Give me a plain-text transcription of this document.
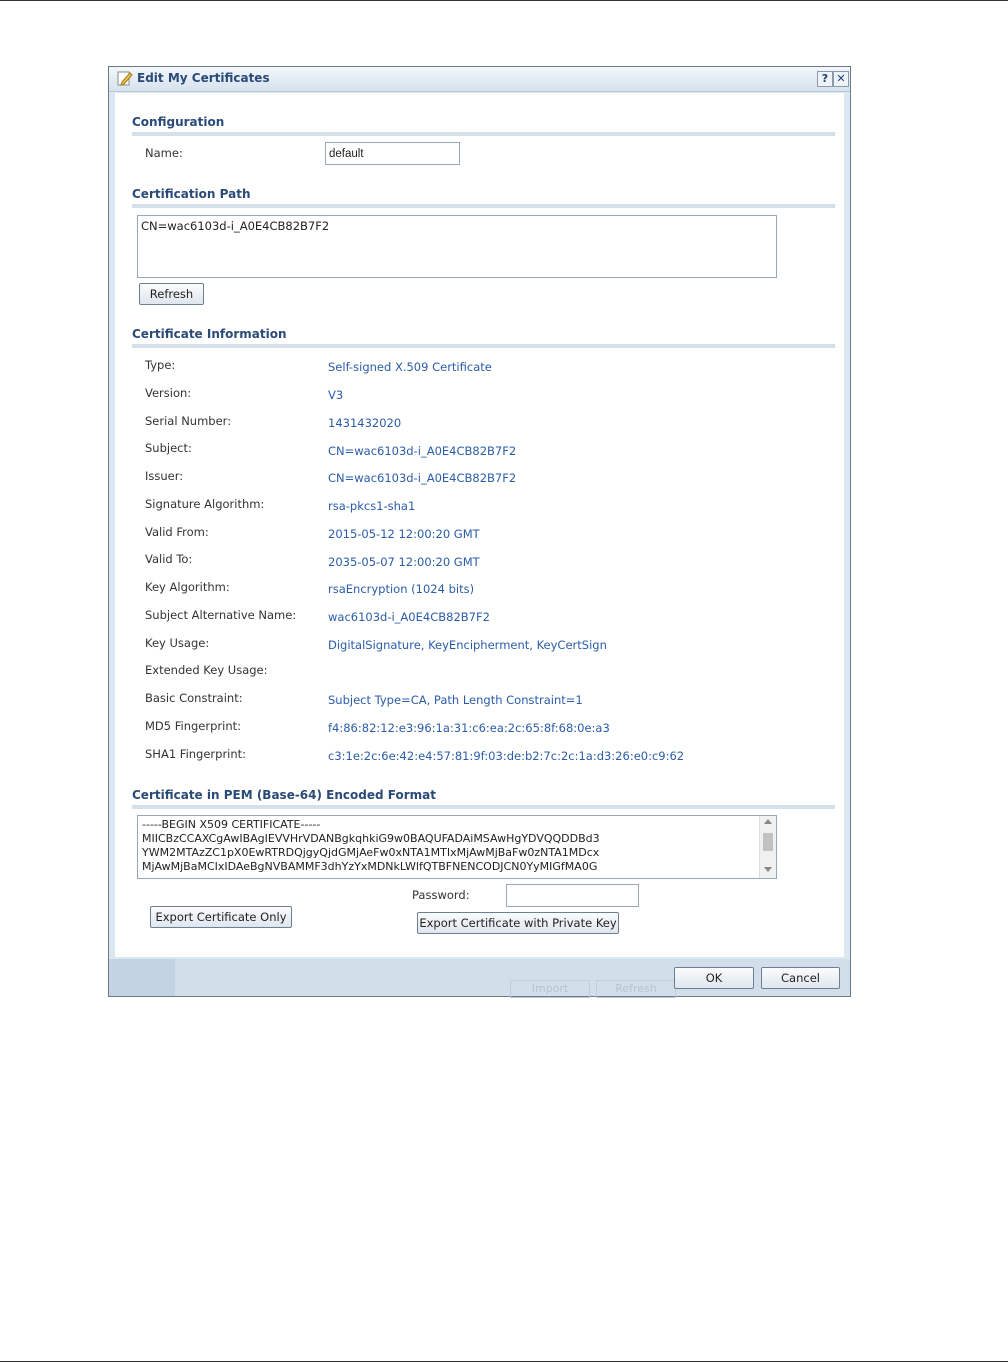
Edit My Certificates	? ✕
Configuration
Name:
default
Certification Path
CN=wac6103d-i_A0E4CB82B7F2
Refresh
Certificate Information
Type:	Self-signed X.509 Certificate
Version:	V3
Serial Number:	1431432020
Subject:	CN=wac6103d-i_A0E4CB82B7F2
Issuer:	CN=wac6103d-i_A0E4CB82B7F2
Signature Algorithm:	rsa-pkcs1-sha1
Valid From:	2015-05-12 12:00:20 GMT
Valid To:	2035-05-07 12:00:20 GMT
Key Algorithm:	rsaEncryption (1024 bits)
Subject Alternative Name:	wac6103d-i_A0E4CB82B7F2
Key Usage:	DigitalSignature, KeyEncipherment, KeyCertSign
Extended Key Usage:
Basic Constraint:	Subject Type=CA, Path Length Constraint=1
MD5 Fingerprint:	f4:86:82:12:e3:96:1a:31:c6:ea:2c:65:8f:68:0e:a3
SHA1 Fingerprint:	c3:1e:2c:6e:42:e4:57:81:9f:03:de:b2:7c:2c:1a:d3:26:e0:c9:62
Certificate in PEM (Base-64) Encoded Format
-----BEGIN X509 CERTIFICATE-----
MIICBzCCAXCgAwIBAgIEVVHrVDANBgkqhkiG9w0BAQUFADAiMSAwHgYDVQQDDBd3
YWM2MTAzZC1pX0EwRTRDQjgyQjdGMjAeFw0xNTA1MTIxMjAwMjBaFw0zNTA1MDcx
MjAwMjBaMCIxIDAeBgNVBAMMF3dhYzYxMDNkLWlfQTBFNENCODJCN0YyMIGfMA0G
Password:
Export Certificate Only	Export Certificate with Private Key
Import	Refresh
OK	Cancel
